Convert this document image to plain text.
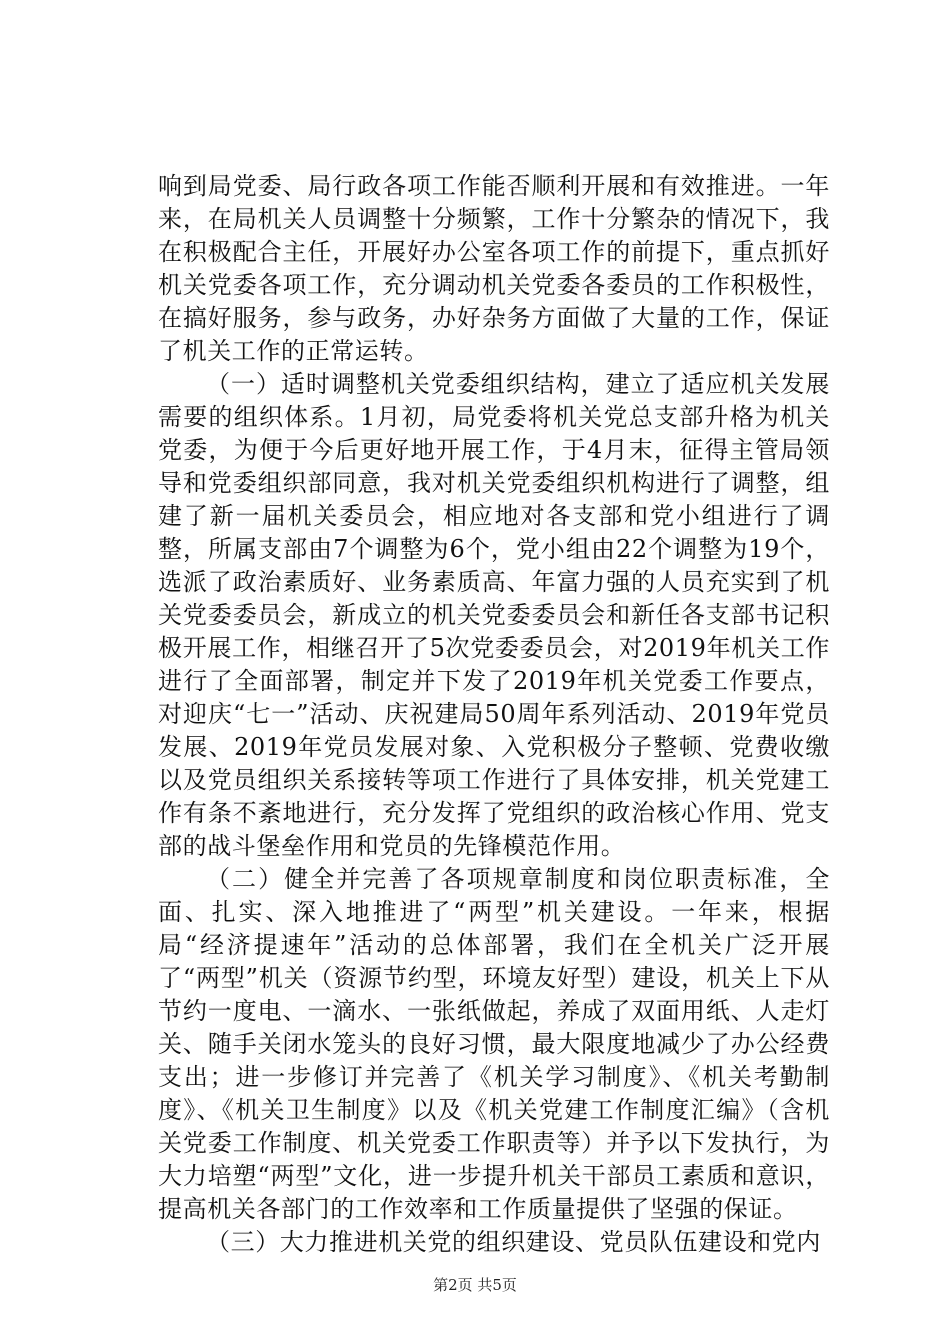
响到局党委、局行政各项工作能否顺利开展和有效推进。一年来，在局机关人员调整十分频繁，工作十分繁杂的情况下，我在积极配合主任，开展好办公室各项工作的前提下，重点抓好机关党委各项工作，充分调动机关党委各委员的工作积极性，在搞好服务，参与政务，办好杂务方面做了大量的工作，保证了机关工作的正常运转。

（一）适时调整机关党委组织结构，建立了适应机关发展需要的组织体系。1月初，局党委将机关党总支部升格为机关党委，为便于今后更好地开展工作，于4月末，征得主管局领导和党委组织部同意，我对机关党委组织机构进行了调整，组建了新一届机关委员会，相应地对各支部和党小组进行了调整，所属支部由7个调整为6个，党小组由22个调整为19个，选派了政治素质好、业务素质高、年富力强的人员充实到了机关党委委员会，新成立的机关党委委员会和新任各支部书记积极开展工作，相继召开了5次党委委员会，对2019年机关工作进行了全面部署，制定并下发了2019年机关党委工作要点，对迎庆“七一”活动、庆祝建局50周年系列活动、2019年党员发展、2019年党员发展对象、入党积极分子整顿、党费收缴以及党员组织关系接转等项工作进行了具体安排，机关党建工作有条不紊地进行，充分发挥了党组织的政治核心作用、党支部的战斗堡垒作用和党员的先锋模范作用。

（二）健全并完善了各项规章制度和岗位职责标准，全面、扎实、深入地推进了“两型”机关建设。一年来，根据局“经济提速年”活动的总体部署，我们在全机关广泛开展了“两型”机关（资源节约型，环境友好型）建设，机关上下从节约一度电、一滴水、一张纸做起，养成了双面用纸、人走灯关、随手关闭水笼头的良好习惯，最大限度地减少了办公经费支出；进一步修订并完善了《机关学习制度》、《机关考勤制度》、《机关卫生制度》以及《机关党建工作制度汇编》（含机关党委工作制度、机关党委工作职责等）并予以下发执行，为大力培塑“两型”文化，进一步提升机关干部员工素质和意识，提高机关各部门的工作效率和工作质量提供了坚强的保证。

（三）大力推进机关党的组织建设、党员队伍建设和党内

第2页 共5页
